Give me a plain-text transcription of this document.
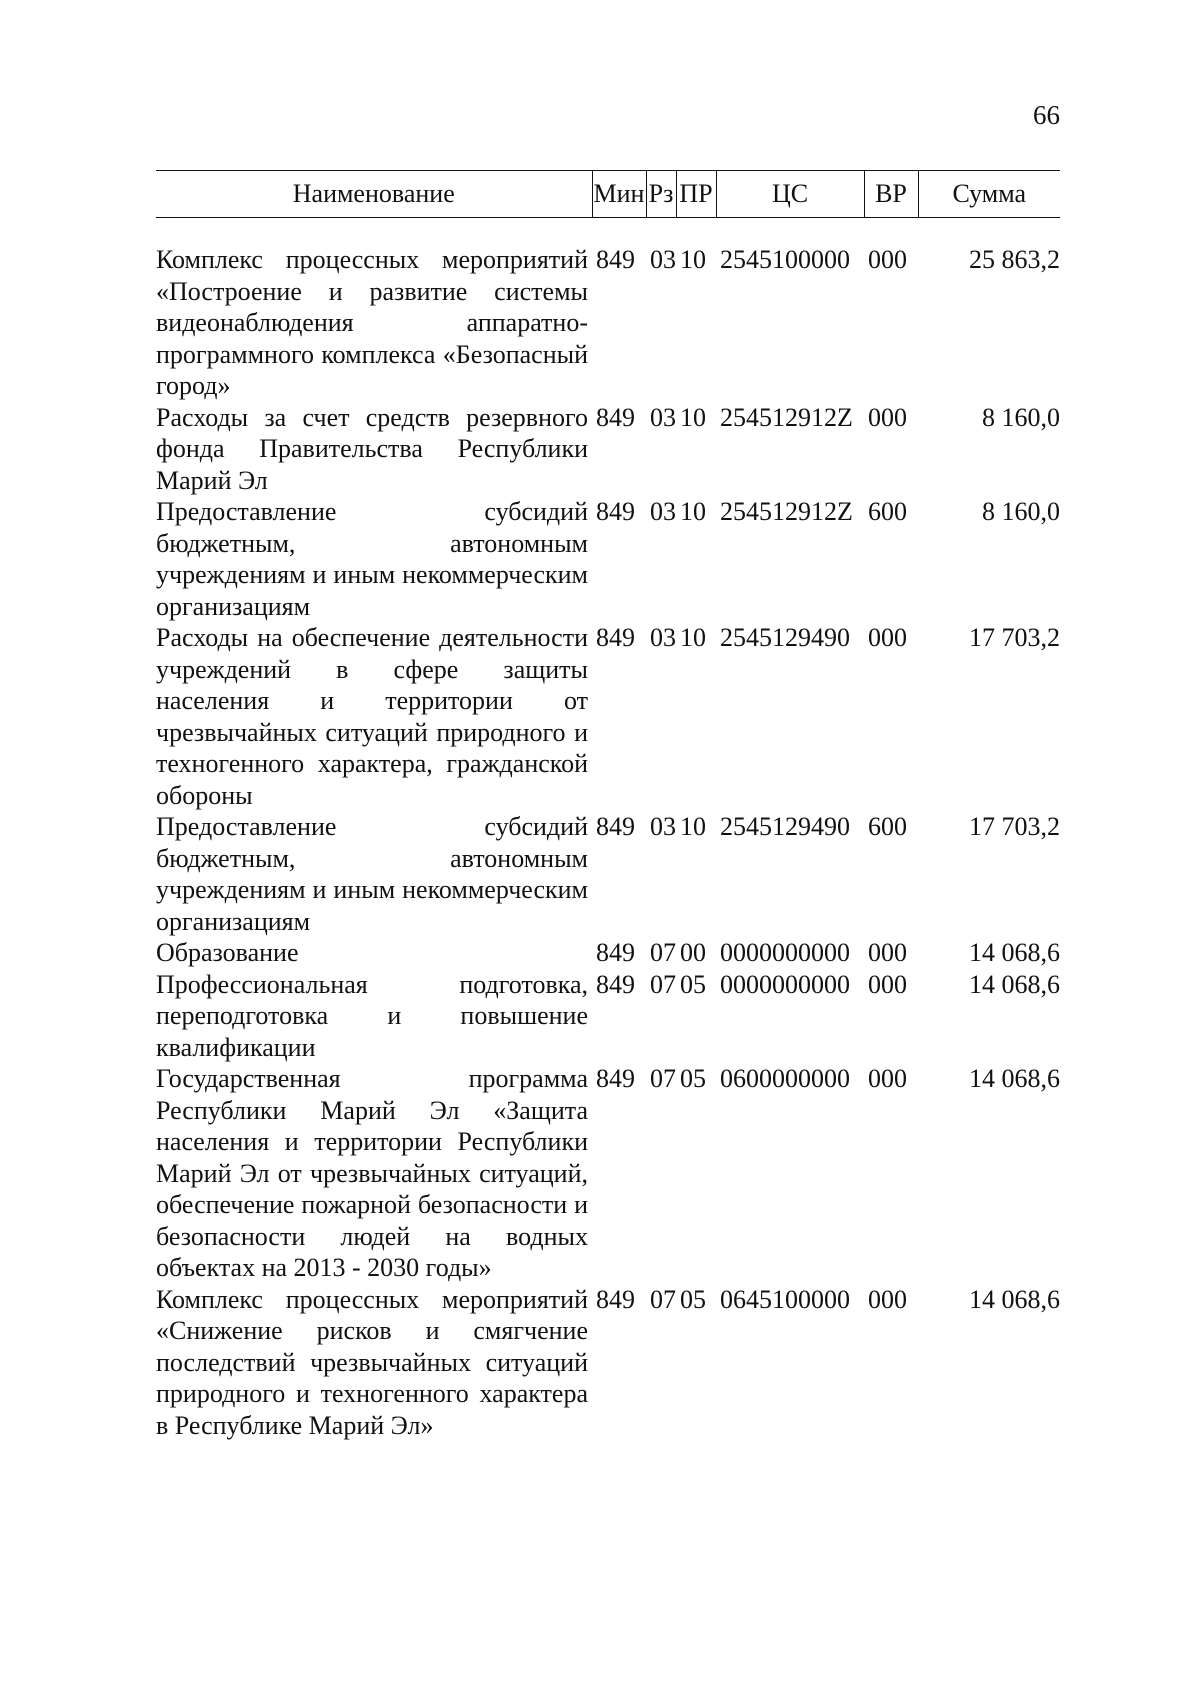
66
Наименование	Мин	Рз	ПР	ЦС	ВР	Сумма

Комплекс процессных мероприятий «Построение и развитие системы видеонаблюдения аппаратно-программного комплекса «Безопасный город»	849	03	10	2545100000	000	25 863,2
Расходы за счет средств резервного фонда Правительства Республики Марий Эл	849	03	10	254512912Z	000	8 160,0
Предоставление субсидий бюджетным, автономным учреждениям и иным некоммерческим организациям	849	03	10	254512912Z	600	8 160,0
Расходы на обеспечение деятельности учреждений в сфере защиты населения и территории от чрезвычайных ситуаций природного и техногенного характера, гражданской обороны	849	03	10	2545129490	000	17 703,2
Предоставление субсидий бюджетным, автономным учреждениям и иным некоммерческим организациям	849	03	10	2545129490	600	17 703,2
Образование	849	07	00	0000000000	000	14 068,6
Профессиональная подготовка, переподготовка и повышение квалификации	849	07	05	0000000000	000	14 068,6
Государственная программа Республики Марий Эл «Защита населения и территории Республики Марий Эл от чрезвычайных ситуаций, обеспечение пожарной безопасности и безопасности людей на водных объектах на 2013 - 2030 годы»	849	07	05	0600000000	000	14 068,6
Комплекс процессных мероприятий «Снижение рисков и смягчение последствий чрезвычайных ситуаций природного и техногенного характера в Республике Марий Эл»	849	07	05	0645100000	000	14 068,6
